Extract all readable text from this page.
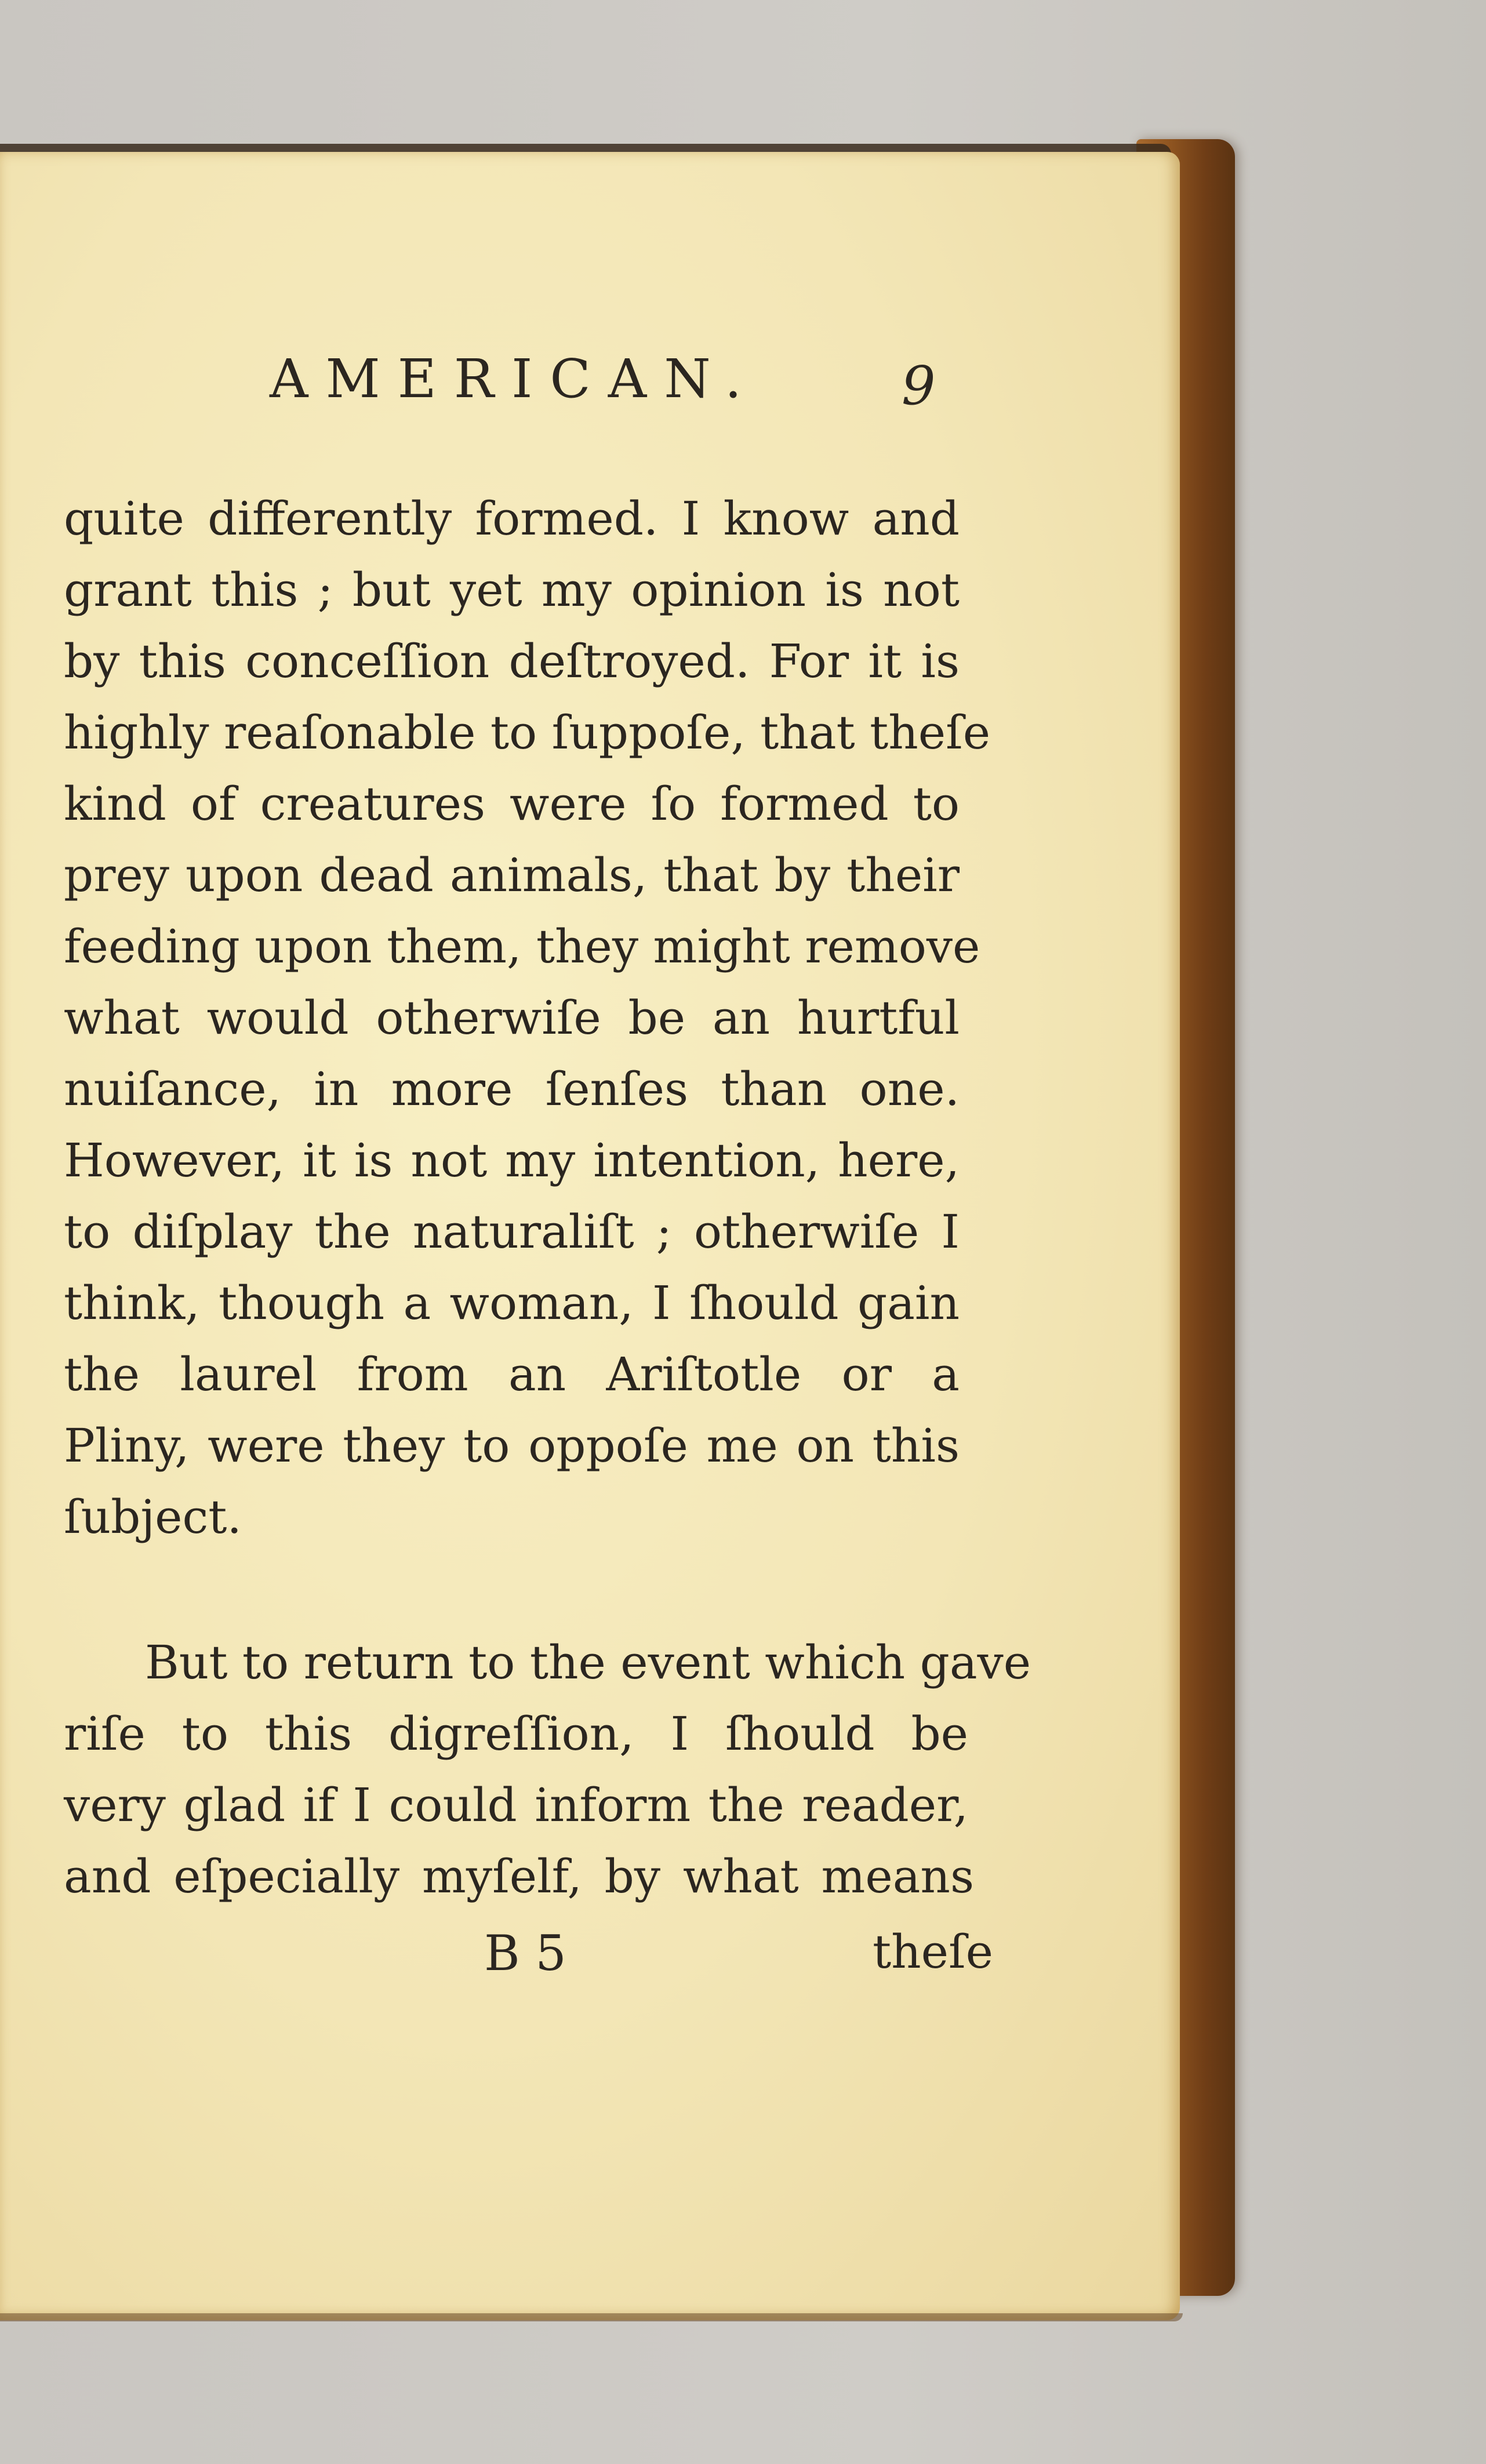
AMERICAN.	9
quite differently formed. I know and
grant this ; but yet my opinion is not
by this conceſſion deſtroyed. For it is
highly reaſonable to ſuppoſe, that theſe
kind of creatures were ſo formed to
prey upon dead animals, that by their
feeding upon them, they might remove
what would otherwiſe be an hurtful
nuiſance, in more ſenſes than one.
However, it is not my intention, here,
to diſplay the naturaliſt ; otherwiſe I
think, though a woman, I ſhould gain
the laurel from an Ariſtotle or a
Pliny, were they to oppoſe me on this
ſubject.
But to return to the event which gave
riſe to this digreſſion, I ſhould be
very glad if I could inform the reader,
and eſpecially myſelf, by what means
B 5	theſe
